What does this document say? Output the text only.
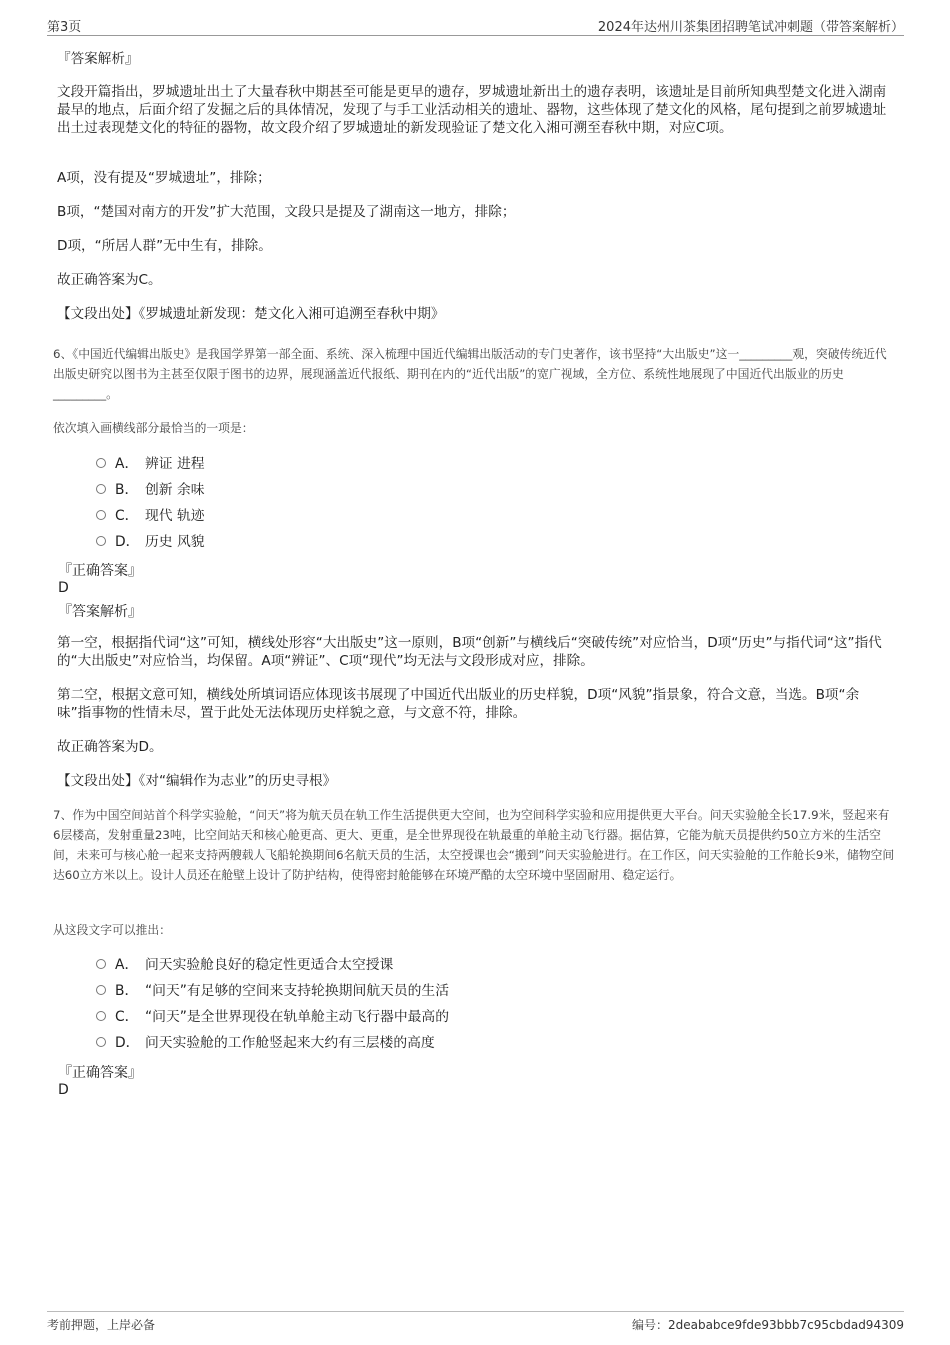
第3页	2024年达州川茶集团招聘笔试冲刺题（带答案解析）
『答案解析』
文段开篇指出，罗城遗址出土了大量春秋中期甚至可能是更早的遗存，罗城遗址新出土的遗存表明，该遗址是目前所知典型楚文化进入湖南最早的地点，后面介绍了发掘之后的具体情况，发现了与手工业活动相关的遗址、器物，这些体现了楚文化的风格，尾句提到之前罗城遗址出土过表现楚文化的特征的器物，故文段介绍了罗城遗址的新发现验证了楚文化入湘可溯至春秋中期，对应C项。
A项，没有提及“罗城遗址”，排除；
B项，“楚国对南方的开发”扩大范围，文段只是提及了湖南这一地方，排除；
D项，“所居人群”无中生有，排除。
故正确答案为C。
【文段出处】《罗城遗址新发现：楚文化入湘可追溯至春秋中期》
6、《中国近代编辑出版史》是我国学界第一部全面、系统、深入梳理中国近代编辑出版活动的专门史著作，该书坚持“大出版史”这一_________观，突破传统近代出版史研究以图书为主甚至仅限于图书的边界，展现涵盖近代报纸、期刊在内的“近代出版”的宽广视域，全方位、系统性地展现了中国近代出版业的历史_________。
依次填入画横线部分最恰当的一项是：
A． 辨证 进程
B． 创新 余味
C． 现代 轨迹
D． 历史 风貌
『正确答案』
D
『答案解析』
第一空，根据指代词“这”可知，横线处形容“大出版史”这一原则，B项“创新”与横线后“突破传统”对应恰当，D项“历史”与指代词“这”指代的“大出版史”对应恰当，均保留。A项“辨证”、C项“现代”均无法与文段形成对应，排除。
第二空，根据文意可知，横线处所填词语应体现该书展现了中国近代出版业的历史样貌，D项“风貌”指景象，符合文意，当选。B项“余味”指事物的性情未尽，置于此处无法体现历史样貌之意，与文意不符，排除。
故正确答案为D。
【文段出处】《对“编辑作为志业”的历史寻根》
7、作为中国空间站首个科学实验舱，“问天”将为航天员在轨工作生活提供更大空间，也为空间科学实验和应用提供更大平台。问天实验舱全长17.9米，竖起来有6层楼高，发射重量23吨，比空间站天和核心舱更高、更大、更重，是全世界现役在轨最重的单舱主动飞行器。据估算，它能为航天员提供约50立方米的生活空间，未来可与核心舱一起来支持两艘载人飞船轮换期间6名航天员的生活，太空授课也会“搬到”问天实验舱进行。在工作区，问天实验舱的工作舱长9米，储物空间达60立方米以上。设计人员还在舱壁上设计了防护结构，使得密封舱能够在环境严酷的太空环境中坚固耐用、稳定运行。
从这段文字可以推出：
A． 问天实验舱良好的稳定性更适合太空授课
B． “问天”有足够的空间来支持轮换期间航天员的生活
C． “问天”是全世界现役在轨单舱主动飞行器中最高的
D． 问天实验舱的工作舱竖起来大约有三层楼的高度
『正确答案』
D
考前押题，上岸必备	编号：2deababce9fde93bbb7c95cbdad94309
